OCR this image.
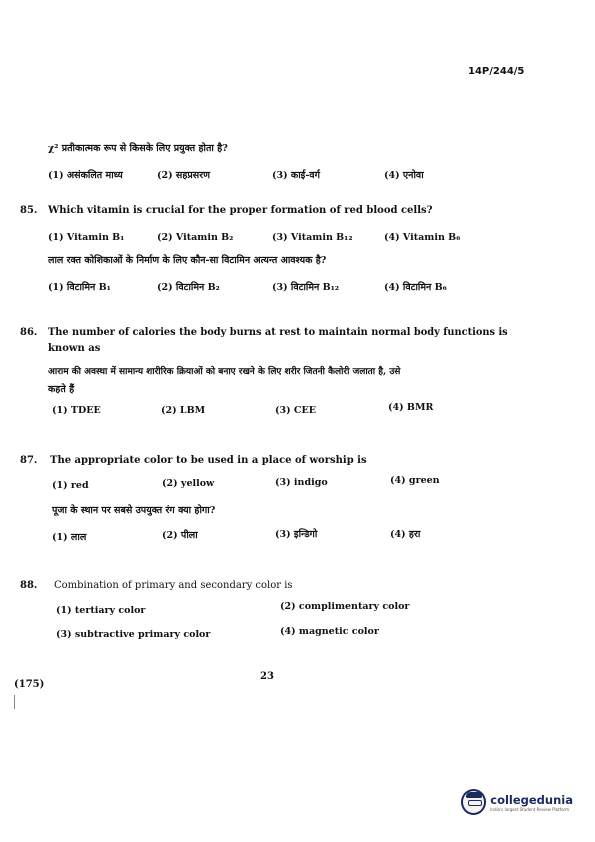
14P/244/5
χ² प्रतीकात्मक रूप से किसके लिए प्रयुक्त होता है?
(1) असंकलित माध्य	(2) सहप्रसरण	(3) काई-वर्ग	(4) एनोवा
85. Which vitamin is crucial for the proper formation of red blood cells?
(1) Vitamin B₁	(2) Vitamin B₂	(3) Vitamin B₁₂	(4) Vitamin B₆
लाल रक्त कोशिकाओं के निर्माण के लिए कौन-सा विटामिन अत्यन्त आवश्यक है?
(1) विटामिन B₁	(2) विटामिन B₂	(3) विटामिन B₁₂	(4) विटामिन B₆
86. The number of calories the body burns at rest to maintain normal body functions is
known as
आराम की अवस्था में सामान्य शारीरिक क्रियाओं को बनाए रखने के लिए शरीर जितनी कैलोरी जलाता है, उसे
कहते हैं
(1) TDEE	(2) LBM	(3) CEE	(4) BMR
87. The appropriate color to be used in a place of worship is
(1) red	(2) yellow	(3) indigo	(4) green
पूजा के स्थान पर सबसे उपयुक्त रंग क्या होगा?
(1) लाल	(2) पीला	(3) इन्डिगो	(4) हरा
88. Combination of primary and secondary color is
(1) tertiary color	(2) complimentary color
(3) subtractive primary color	(4) magnetic color
(175)
23
collegedunia
India's largest Student Review Platform
